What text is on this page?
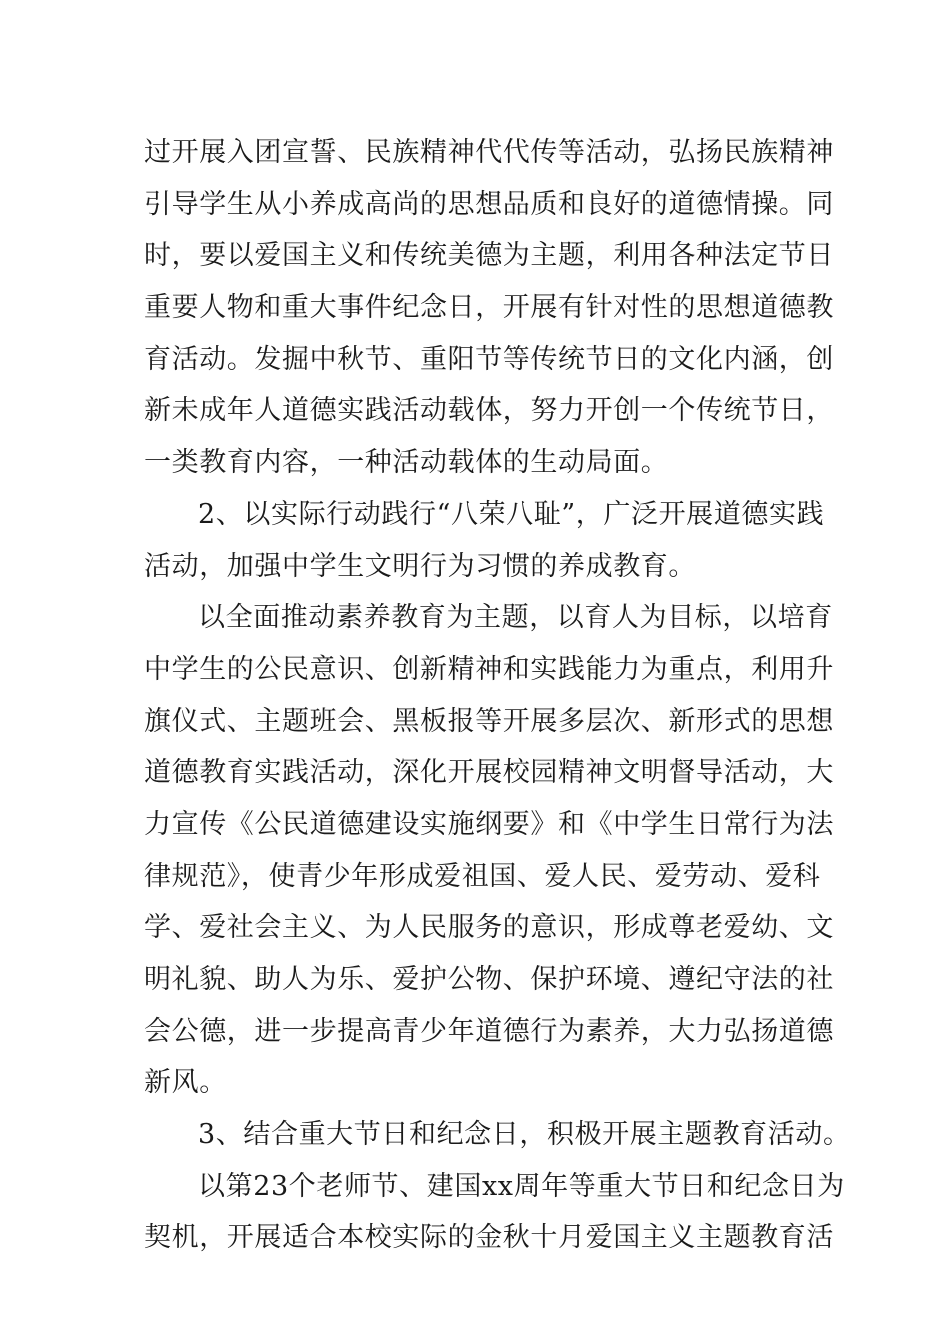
过开展入团宣誓、民族精神代代传等活动，弘扬民族精神
引导学生从小养成高尚的思想品质和良好的道德情操。同
时，要以爱国主义和传统美德为主题，利用各种法定节日
重要人物和重大事件纪念日，开展有针对性的思想道德教
育活动。发掘中秋节、重阳节等传统节日的文化内涵，创
新未成年人道德实践活动载体，努力开创一个传统节日，
一类教育内容，一种活动载体的生动局面。
2、以实际行动践行“八荣八耻”，广泛开展道德实践
活动，加强中学生文明行为习惯的养成教育。
以全面推动素养教育为主题，以育人为目标，以培育
中学生的公民意识、创新精神和实践能力为重点，利用升
旗仪式、主题班会、黑板报等开展多层次、新形式的思想
道德教育实践活动，深化开展校园精神文明督导活动，大
力宣传《公民道德建设实施纲要》和《中学生日常行为法
律规范》，使青少年形成爱祖国、爱人民、爱劳动、爱科
学、爱社会主义、为人民服务的意识，形成尊老爱幼、文
明礼貌、助人为乐、爱护公物、保护环境、遵纪守法的社
会公德，进一步提高青少年道德行为素养，大力弘扬道德
新风。
3、结合重大节日和纪念日，积极开展主题教育活动。
以第23个老师节、建国xx周年等重大节日和纪念日为
契机，开展适合本校实际的金秋十月爱国主义主题教育活
